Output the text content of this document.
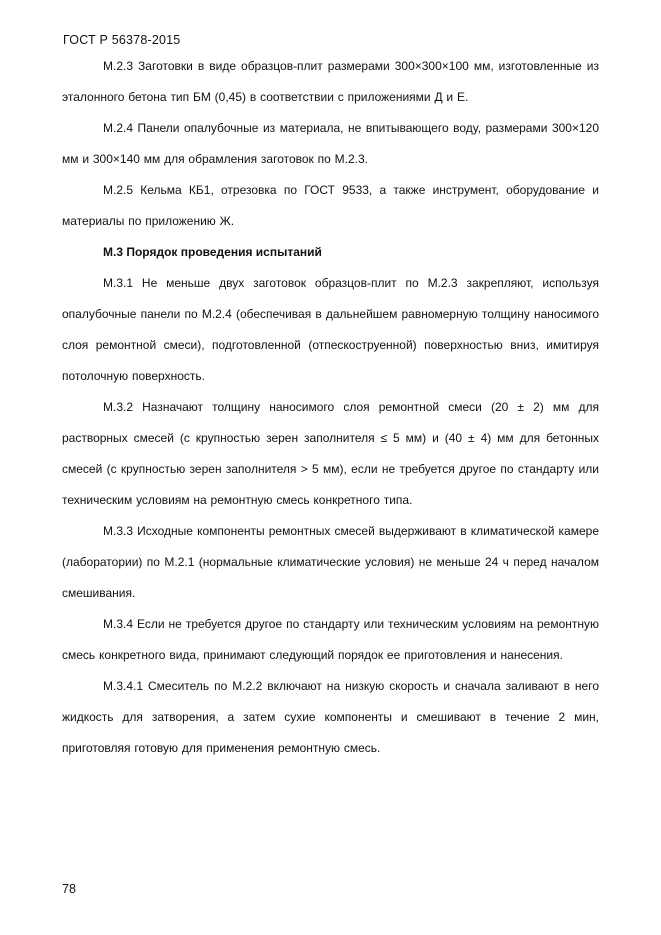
ГОСТ Р 56378-2015

М.2.3 Заготовки в виде образцов-плит размерами 300×300×100 мм, изготовленные из эталонного бетона тип БМ (0,45) в соответствии с приложениями Д и Е.

М.2.4 Панели опалубочные из материала, не впитывающего воду, размерами 300×120 мм и 300×140 мм для обрамления заготовок по М.2.3.

М.2.5 Кельма КБ1, отрезовка по ГОСТ 9533, а также инструмент, оборудование и материалы по приложению Ж.

М.3 Порядок проведения испытаний

М.3.1 Не меньше двух заготовок образцов-плит по М.2.3 закрепляют, используя опалубочные панели по М.2.4 (обеспечивая в дальнейшем равномерную толщину наносимого слоя ремонтной смеси), подготовленной (отпескоструенной) поверхностью вниз, имитируя потолочную поверхность.

М.3.2 Назначают толщину наносимого слоя ремонтной смеси (20 ± 2) мм для растворных смесей (с крупностью зерен заполнителя ≤ 5 мм) и (40 ± 4) мм для бетонных смесей (с крупностью зерен заполнителя > 5 мм), если не требуется другое по стандарту или техническим условиям на ремонтную смесь конкретного типа.

М.3.3 Исходные компоненты ремонтных смесей выдерживают в климатической камере (лаборатории) по М.2.1 (нормальные климатические условия) не меньше 24 ч перед началом смешивания.

М.3.4 Если не требуется другое по стандарту или техническим условиям на ремонтную смесь конкретного вида, принимают следующий порядок ее приготовления и нанесения.

М.3.4.1 Смеситель по М.2.2 включают на низкую скорость и сначала заливают в него жидкость для затворения, а затем сухие компоненты и смешивают в течение 2 мин, приготовляя готовую для применения ремонтную смесь.

78
